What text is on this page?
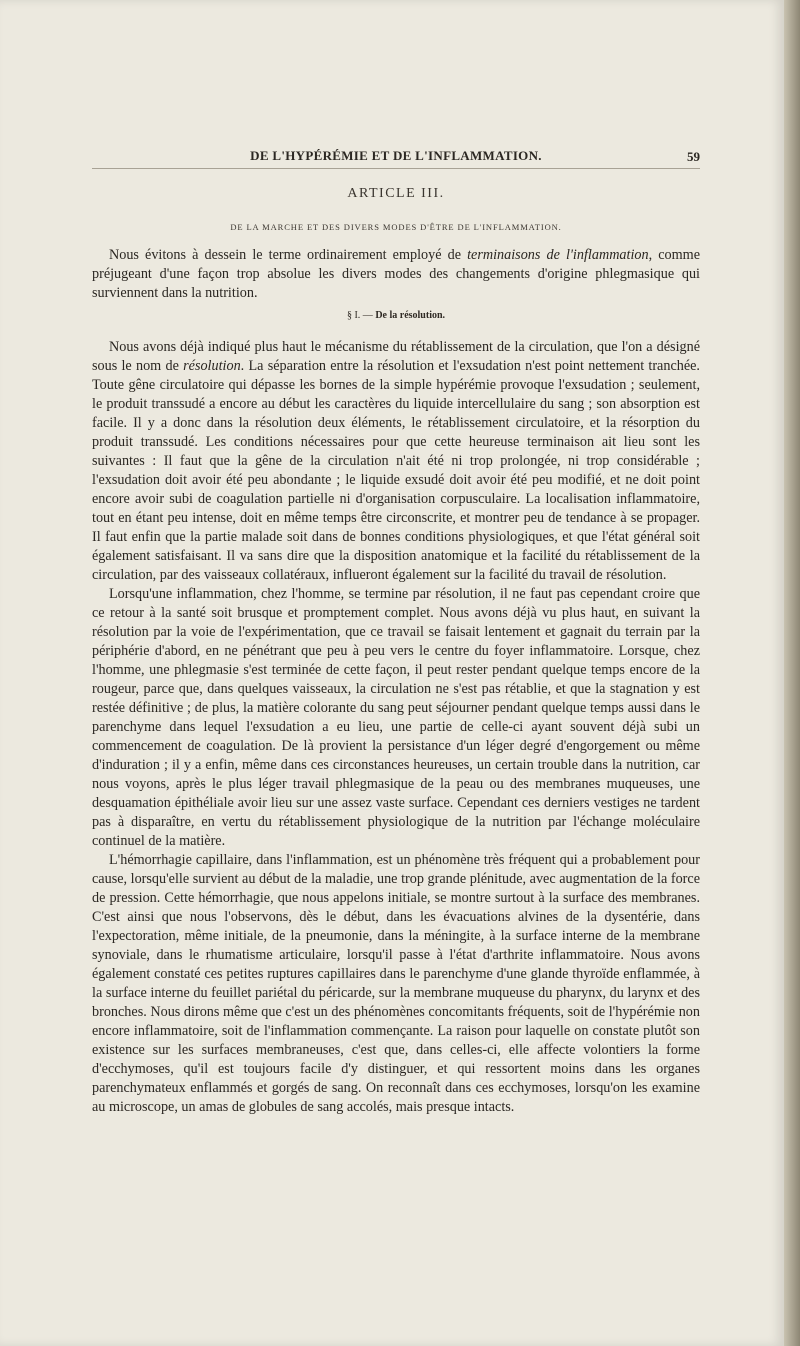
DE L'HYPÉRÉMIE ET DE L'INFLAMMATION.	59
ARTICLE III.
DE LA MARCHE ET DES DIVERS MODES D'ÊTRE DE L'INFLAMMATION.

Nous évitons à dessein le terme ordinairement employé de terminaisons de l'inflammation, comme préjugeant d'une façon trop absolue les divers modes des changements d'origine phlegmasique qui surviennent dans la nutrition.

§ I. — De la résolution.

Nous avons déjà indiqué plus haut le mécanisme du rétablissement de la circulation, que l'on a désigné sous le nom de résolution. La séparation entre la résolution et l'exsudation n'est point nettement tranchée. Toute gêne circulatoire qui dépasse les bornes de la simple hypérémie provoque l'exsudation ; seulement, le produit transsudé a encore au début les caractères du liquide intercellulaire du sang ; son absorption est facile. Il y a donc dans la résolution deux éléments, le rétablissement circulatoire, et la résorption du produit transsudé. Les conditions nécessaires pour que cette heureuse terminaison ait lieu sont les suivantes : Il faut que la gêne de la circulation n'ait été ni trop prolongée, ni trop considérable ; l'exsudation doit avoir été peu abondante ; le liquide exsudé doit avoir été peu modifié, et ne doit point encore avoir subi de coagulation partielle ni d'organisation corpusculaire. La localisation inflammatoire, tout en étant peu intense, doit en même temps être circonscrite, et montrer peu de tendance à se propager. Il faut enfin que la partie malade soit dans de bonnes conditions physiologiques, et que l'état général soit également satisfaisant. Il va sans dire que la disposition anatomique et la facilité du rétablissement de la circulation, par des vaisseaux collatéraux, influeront également sur la facilité du travail de résolution.

Lorsqu'une inflammation, chez l'homme, se termine par résolution, il ne faut pas cependant croire que ce retour à la santé soit brusque et promptement complet. Nous avons déjà vu plus haut, en suivant la résolution par la voie de l'expérimentation, que ce travail se faisait lentement et gagnait du terrain par la périphérie d'abord, en ne pénétrant que peu à peu vers le centre du foyer inflammatoire. Lorsque, chez l'homme, une phlegmasie s'est terminée de cette façon, il peut rester pendant quelque temps encore de la rougeur, parce que, dans quelques vaisseaux, la circulation ne s'est pas rétablie, et que la stagnation y est restée définitive ; de plus, la matière colorante du sang peut séjourner pendant quelque temps aussi dans le parenchyme dans lequel l'exsudation a eu lieu, une partie de celle-ci ayant souvent déjà subi un commencement de coagulation. De là provient la persistance d'un léger degré d'engorgement ou même d'induration ; il y a enfin, même dans ces circonstances heureuses, un certain trouble dans la nutrition, car nous voyons, après le plus léger travail phlegmasique de la peau ou des membranes muqueuses, une desquamation épithéliale avoir lieu sur une assez vaste surface. Cependant ces derniers vestiges ne tardent pas à disparaître, en vertu du rétablissement physiologique de la nutrition par l'échange moléculaire continuel de la matière.

L'hémorrhagie capillaire, dans l'inflammation, est un phénomène très fréquent qui a probablement pour cause, lorsqu'elle survient au début de la maladie, une trop grande plénitude, avec augmentation de la force de pression. Cette hémorrhagie, que nous appelons initiale, se montre surtout à la surface des membranes. C'est ainsi que nous l'observons, dès le début, dans les évacuations alvines de la dysentérie, dans l'expectoration, même initiale, de la pneumonie, dans la méningite, à la surface interne de la membrane synoviale, dans le rhumatisme articulaire, lorsqu'il passe à l'état d'arthrite inflammatoire. Nous avons également constaté ces petites ruptures capillaires dans le parenchyme d'une glande thyroïde enflammée, à la surface interne du feuillet pariétal du péricarde, sur la membrane muqueuse du pharynx, du larynx et des bronches. Nous dirons même que c'est un des phénomènes concomitants fréquents, soit de l'hypérémie non encore inflammatoire, soit de l'inflammation commençante. La raison pour laquelle on constate plutôt son existence sur les surfaces membraneuses, c'est que, dans celles-ci, elle affecte volontiers la forme d'ecchymoses, qu'il est toujours facile d'y distinguer, et qui ressortent moins dans les organes parenchymateux enflammés et gorgés de sang. On reconnaît dans ces ecchymoses, lorsqu'on les examine au microscope, un amas de globules de sang accolés, mais presque intacts.
